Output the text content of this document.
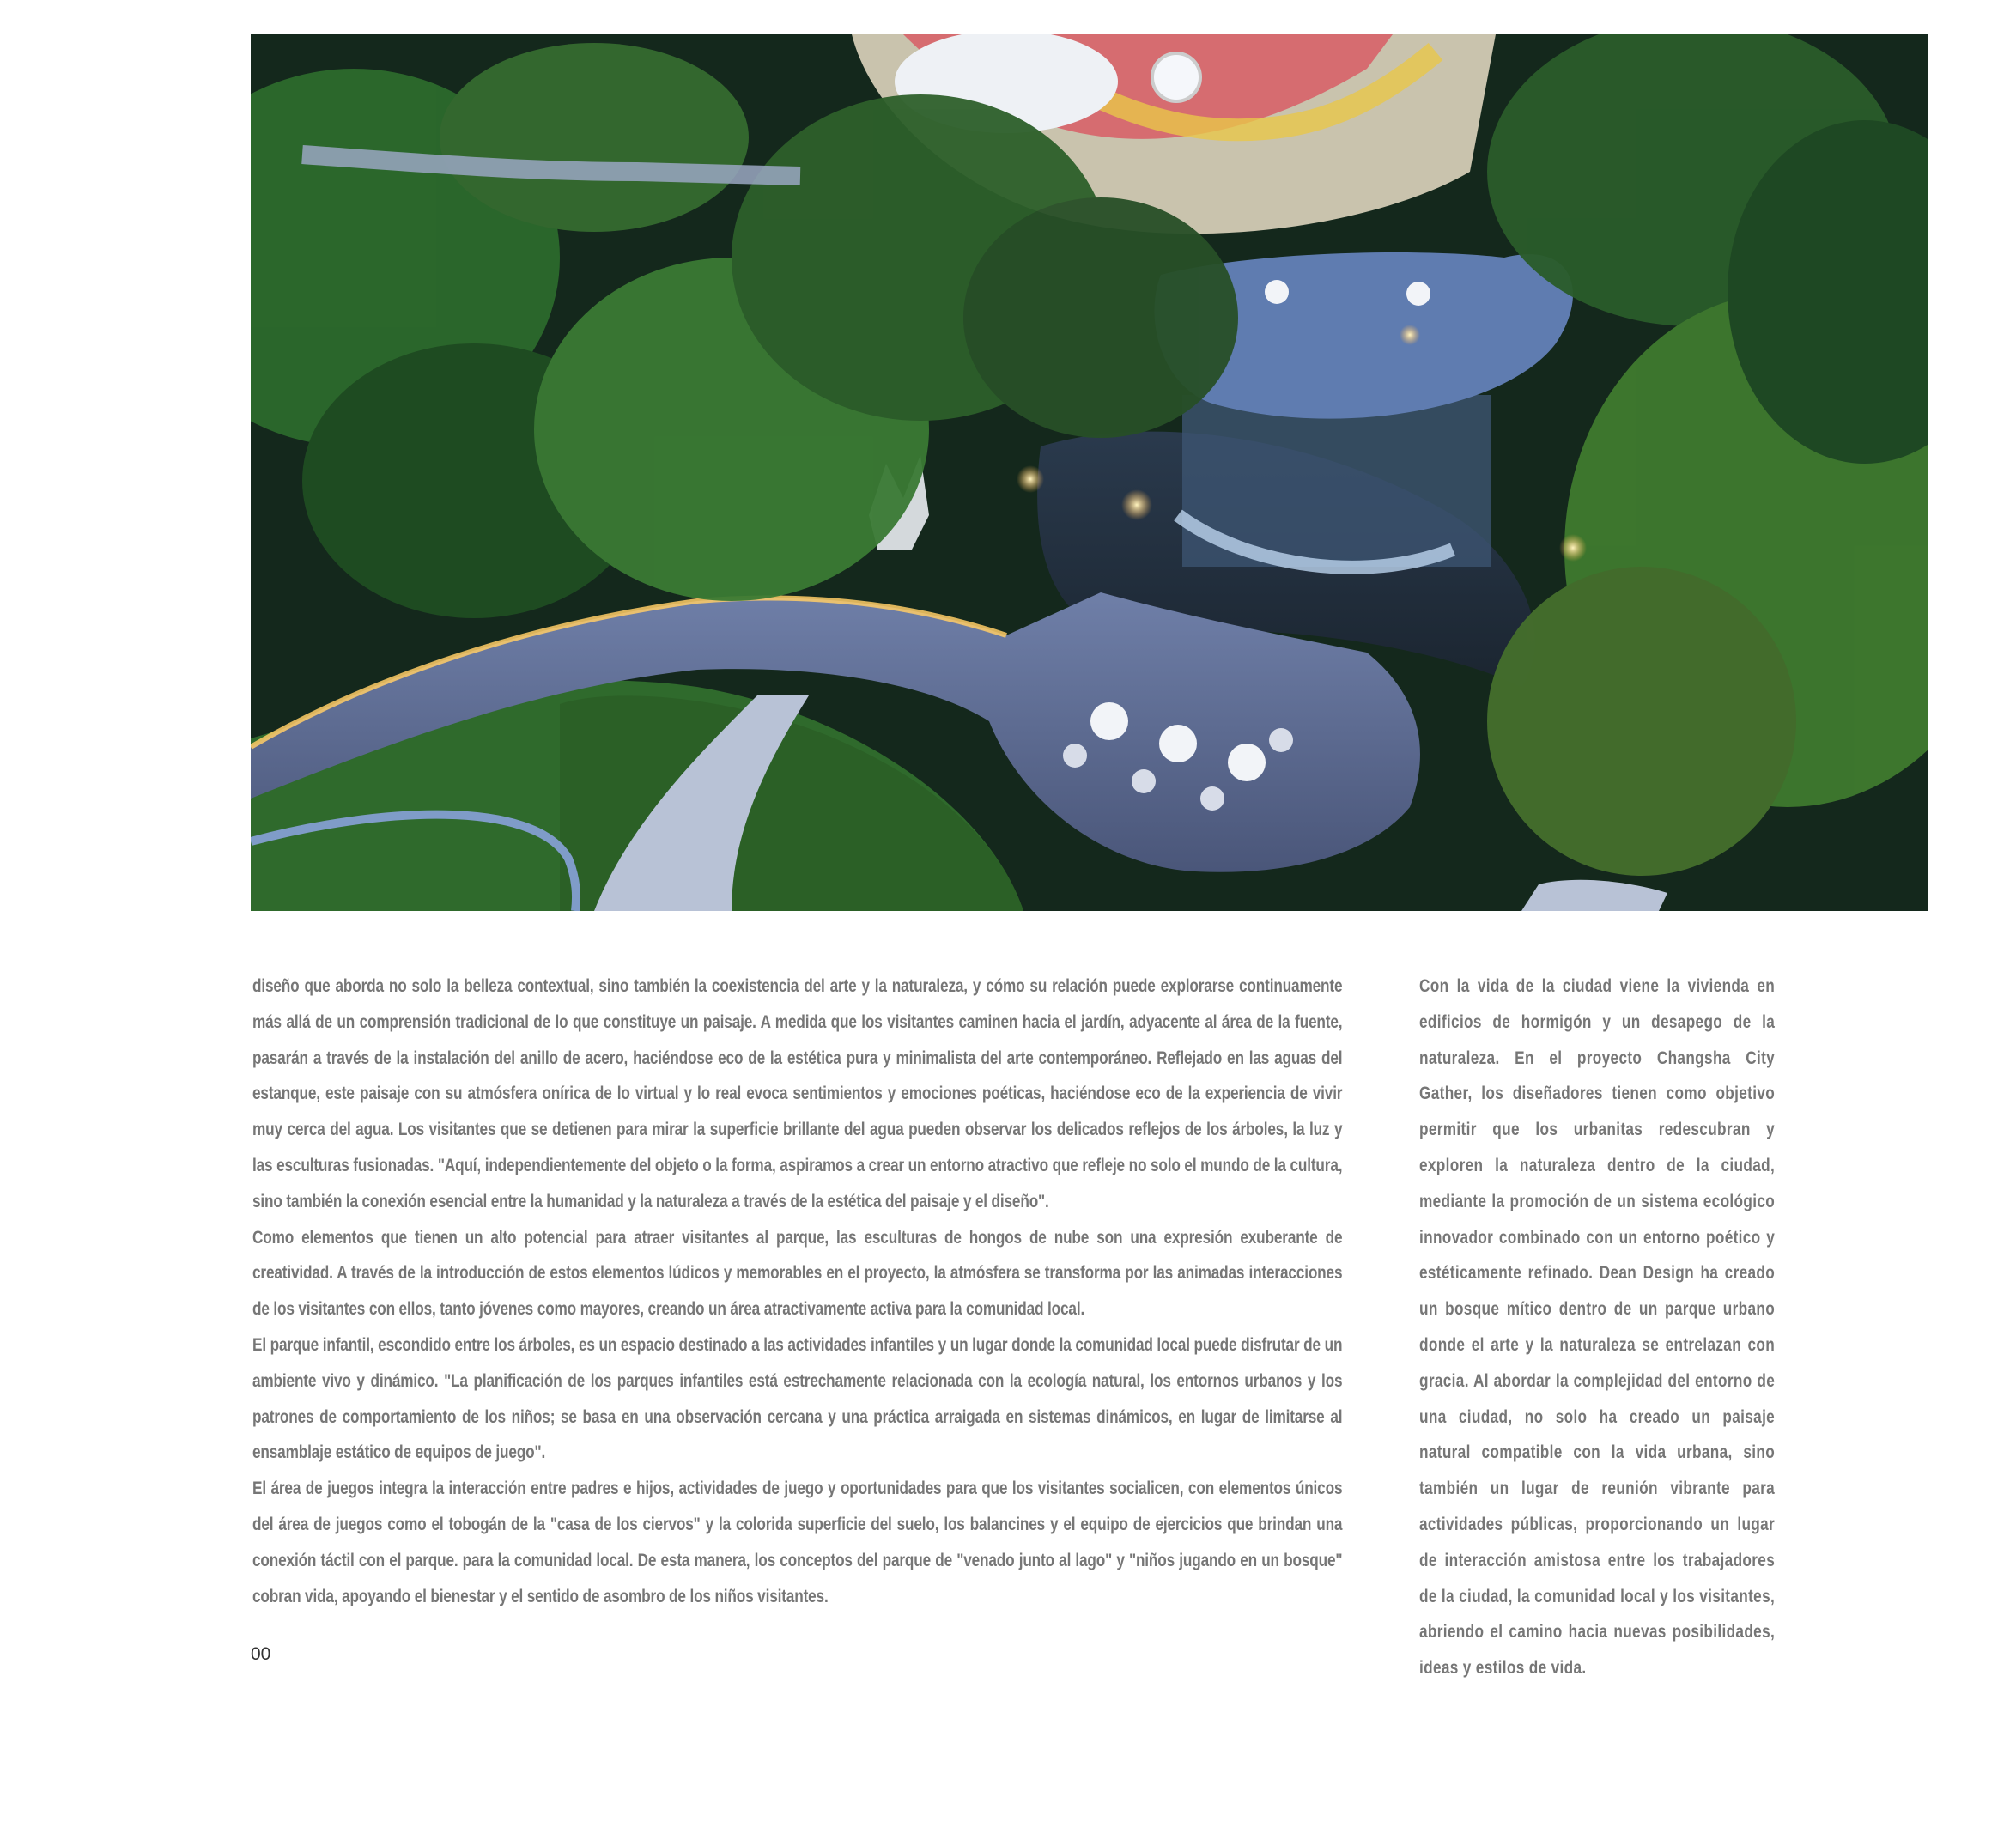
diseño que aborda no solo la belleza contextual, sino también la coexistencia del arte y la naturaleza, y cómo su relación puede explorarse continuamente más allá de un comprensión tradicional de lo que constituye un paisaje. A medida que los visitantes caminen hacia el jardín, adyacente al área de la fuente, pasarán a través de la instalación del anillo de acero, haciéndose eco de la estética pura y minimalista del arte contemporáneo. Reflejado en las aguas del estanque, este paisaje con su atmósfera onírica de lo virtual y lo real evoca sentimientos y emociones poéticas, haciéndose eco de la experiencia de vivir muy cerca del agua. Los visitantes que se detienen para mirar la superficie brillante del agua pueden observar los delicados reflejos de los árboles, la luz y las esculturas fusionadas. "Aquí, independientemente del objeto o la forma, aspiramos a crear un entorno atractivo que refleje no solo el mundo de la cultura, sino también la conexión esencial entre la humanidad y la naturaleza a través de la estética del paisaje y el diseño".

Como elementos que tienen un alto potencial para atraer visitantes al parque, las esculturas de hongos de nube son una expresión exuberante de creatividad. A través de la introducción de estos elementos lúdicos y memorables en el proyecto, la atmósfera se transforma por las animadas interacciones de los visitantes con ellos, tanto jóvenes como mayores, creando un área atractivamente activa para la comunidad local.

El parque infantil, escondido entre los árboles, es un espacio destinado a las actividades infantiles y un lugar donde la comunidad local puede disfrutar de un ambiente vivo y dinámico. "La planificación de los parques infantiles está estrechamente relacionada con la ecología natural, los entornos urbanos y los patrones de comportamiento de los niños; se basa en una observación cercana y una práctica arraigada en sistemas dinámicos, en lugar de limitarse al ensamblaje estático de equipos de juego".

El área de juegos integra la interacción entre padres e hijos, actividades de juego y oportunidades para que los visitantes socialicen, con elementos únicos del área de juegos como el tobogán de la "casa de los ciervos" y la colorida superficie del suelo, los balancines y el equipo de ejercicios que brindan una conexión táctil con el parque. para la comunidad local. De esta manera, los conceptos del parque de "venado junto al lago" y "niños jugando en un bosque" cobran vida, apoyando el bienestar y el sentido de asombro de los niños visitantes.

Con la vida de la ciudad viene la vivienda en edificios de hormigón y un desapego de la naturaleza. En el proyecto Changsha City Gather, los diseñadores tienen como objetivo permitir que los urbanitas redescubran y exploren la naturaleza dentro de la ciudad, mediante la promoción de un sistema ecológico innovador combinado con un entorno poético y estéticamente refinado. Dean Design ha creado un bosque mítico dentro de un parque urbano donde el arte y la naturaleza se entrelazan con gracia. Al abordar la complejidad del entorno de una ciudad, no solo ha creado un paisaje natural compatible con la vida urbana, sino también un lugar de reunión vibrante para actividades públicas, proporcionando un lugar de interacción amistosa entre los trabajadores de la ciudad, la comunidad local y los visitantes, abriendo el camino hacia nuevas posibilidades, ideas y estilos de vida.

00
